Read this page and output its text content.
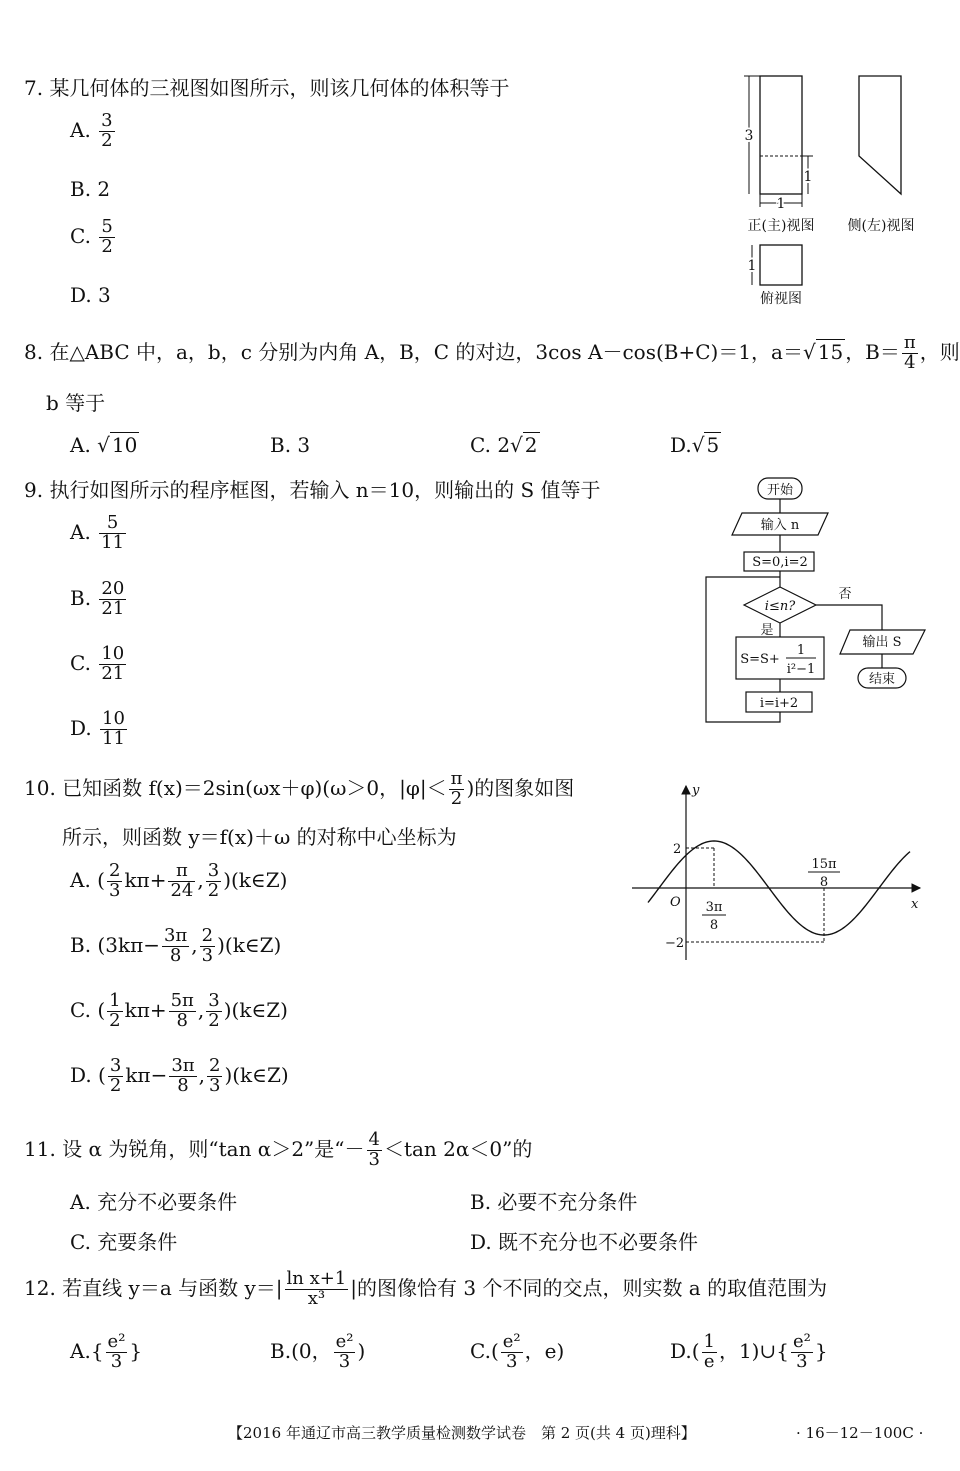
7. 某几何体的三视图如图所示，则该几何体的体积等于
A. $\frac{3}{2}$
B. 2
C. $\frac{5}{2}$
D. 3
3
1
1
正(主)视图 侧(左)视图
1
俯视图
8. 在△ABC 中，a，b，c 分别为内角 A，B，C 的对边，3cos A－cos(B+C)＝1，a＝√ 15 ，$B= \frac{\pi}{4}$ ，则
b 等于
A. √ 10	B. 3	C. 2√ 2	D.√ 5
9. 执行如图所示的程序框图，若输入 n＝10，则输出的 S 值等于
A. $\frac{5}{11}$
B. $\frac{20}{21}$
C. $\frac{10}{21}$
D. $\frac{10}{11}$
开始
输入 n
S=0,i=2
i≤n?
否
是
S=S+
1
i²−1
i=i+2
输出 S
结束
10. 已知函数 f(x)＝2sin(ωx＋φ)(ω＞0，$|\varphi|< \frac{\pi}{2}$ )的图象如图
所示，则函数 y＝f(x)＋ω 的对称中心坐标为
A. ( $\frac{2}{3} k\pi+ \frac{\pi}{24}$ , $\frac{3}{2}$ )(k∈Z)
B. ($3k\pi- \frac{3\pi}{8}$ , $\frac{2}{3}$ )(k∈Z)
C. ( $\frac{1}{2} k\pi+ \frac{5\pi}{8}$ , $\frac{3}{2}$ )(k∈Z)
D. ( $\frac{3}{2} k\pi- \frac{3\pi}{8}$ , $\frac{2}{3}$ )(k∈Z)
y
x
O
2
−2
3π
8
15π
8
11. 设 α 为锐角，则“tan α＞2”是“－ $\frac{4}{3} <\tan$ 2α＜0”的
A. 充分不必要条件	B. 必要不充分条件
C. 充要条件	D. 既不充分也不必要条件
12. 若直线 y＝a 与函数 $y=| \frac{\text{ln x+1}}{\text{x³}}$ |的图像恰有 3 个不同的交点，则实数 a 的取值范围为
$A.\{ \frac{\text{e²}}{3}$ }	B.(0， $\frac{\text{e²}}{3}$ )	$C.( \frac{\text{e²}}{3}$ ，e)	$D.( \frac{1}{e}$ ，1)∪{ $\frac{\text{e²}}{3}$ }
【2016 年通辽市高三教学质量检测数学试卷　第 2 页(共 4 页)理科】	· 16－12－100C ·
